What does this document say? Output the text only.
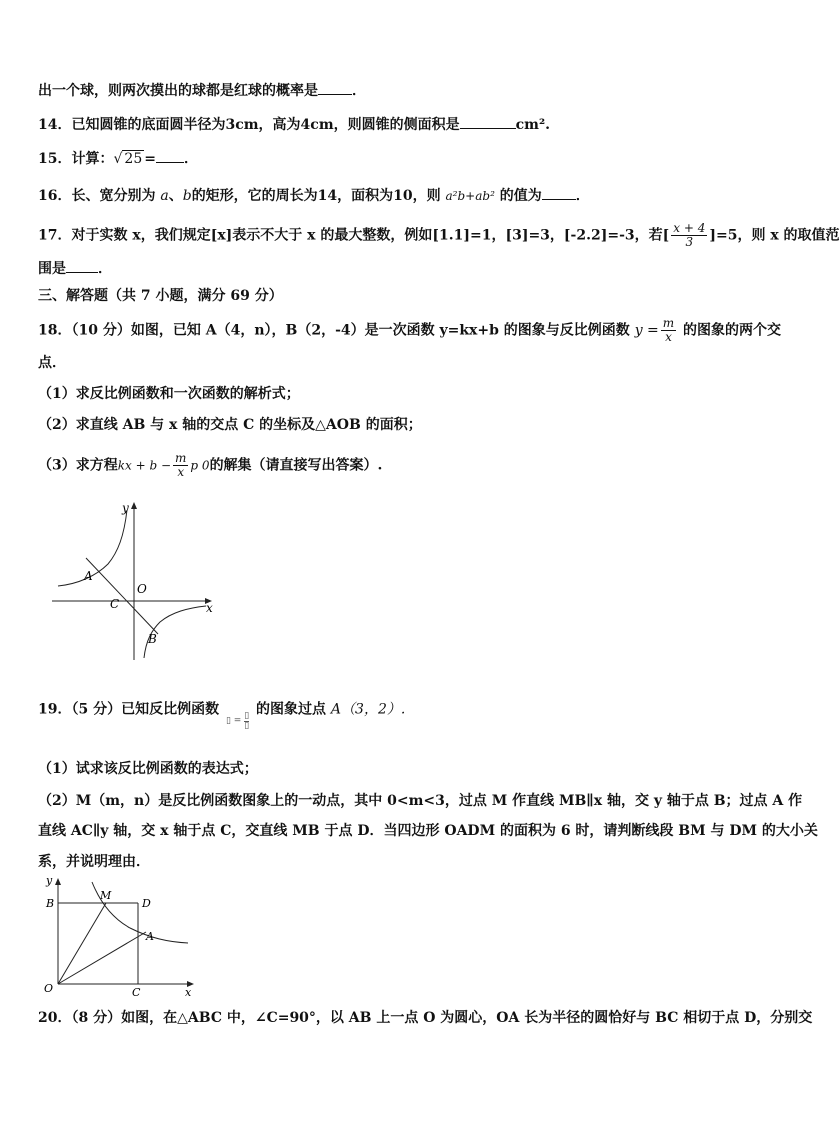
出一个球，则两次摸出的球都是红球的概率是 ．
14．已知圆锥的底面圆半径为3cm，高为4cm，则圆锥的侧面积是	cm².
15．计算：√ 25 = ．
16．长、宽分别为 a、b的矩形，它的周长为14，面积为10，则 a²b+ab² 的值为 ．
17．对于实数 x，我们规定[x]表示不大于 x 的最大整数，例如[1.1]=1，[3]=3，[-2.2]=-3，若[ $\frac{x + 4}{3} ]=5$，则 x 的取值范
围是 ．
三、解答题（共 7 小题，满分 69 分）
18．（10 分）如图，已知 A（4，n），B（2，-4）是一次函数 y=kx+b 的图象与反比例函数 $y = \frac{m}{x}$ 的图象的两个交
点．
（1）求反比例函数和一次函数的解析式；
（2）求直线 AB 与 x 轴的交点 C 的坐标及△AOB 的面积；
（3）求方程kx + $b - \frac{m}{x}$ p 0的解集（请直接写出答案）.
y
x
A
O
C
B
19．（5 分）已知反比例函数 ▯ = ▯
▯
的图象过点 A（3，2）.
（1）试求该反比例函数的表达式；
（2）M（m，n）是反比例函数图象上的一动点，其中 0<m<3，过点 M 作直线 MB∥x 轴，交 y 轴于点 B；过点 A 作
直线 AC∥y 轴，交 x 轴于点 C，交直线 MB 于点 D．当四边形 OADM 的面积为 6 时，请判断线段 BM 与 DM 的大小关
系，并说明理由．
y
x
B
M
D
A
O	C
20．（8 分）如图，在△ABC 中，∠C=90°，以 AB 上一点 O 为圆心，OA 长为半径的圆恰好与 BC 相切于点 D，分别交
